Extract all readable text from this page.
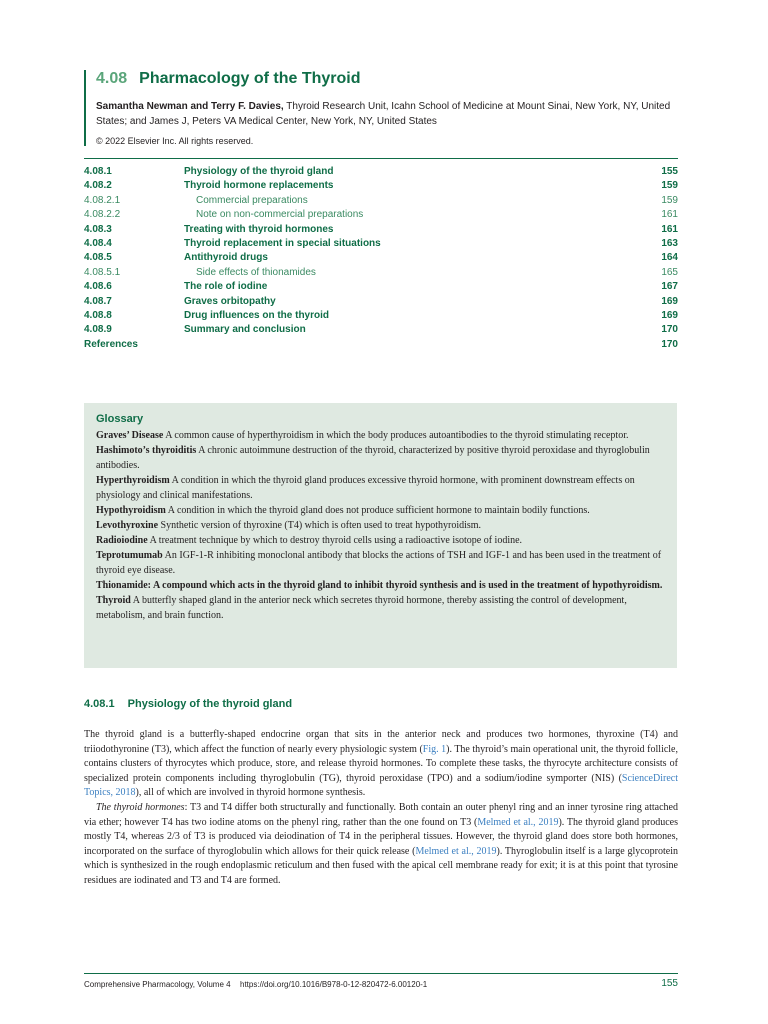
4.08 Pharmacology of the Thyroid
Samantha Newman and Terry F. Davies, Thyroid Research Unit, Icahn School of Medicine at Mount Sinai, New York, NY, United States; and James J, Peters VA Medical Center, New York, NY, United States
© 2022 Elsevier Inc. All rights reserved.
4.08.1	Physiology of the thyroid gland	155
4.08.2	Thyroid hormone replacements	159
4.08.2.1	Commercial preparations	159
4.08.2.2	Note on non-commercial preparations	161
4.08.3	Treating with thyroid hormones	161
4.08.4	Thyroid replacement in special situations	163
4.08.5	Antithyroid drugs	164
4.08.5.1	Side effects of thionamides	165
4.08.6	The role of iodine	167
4.08.7	Graves orbitopathy	169
4.08.8	Drug influences on the thyroid	169
4.08.9	Summary and conclusion	170
References	170
Glossary
Graves’ Disease A common cause of hyperthyroidism in which the body produces autoantibodies to the thyroid stimulating receptor.
Hashimoto’s thyroiditis A chronic autoimmune destruction of the thyroid, characterized by positive thyroid peroxidase and thyroglobulin antibodies.
Hyperthyroidism A condition in which the thyroid gland produces excessive thyroid hormone, with prominent downstream effects on physiology and clinical manifestations.
Hypothyroidism A condition in which the thyroid gland does not produce sufficient hormone to maintain bodily functions.
Levothyroxine Synthetic version of thyroxine (T4) which is often used to treat hypothyroidism.
Radioiodine A treatment technique by which to destroy thyroid cells using a radioactive isotope of iodine.
Teprotumumab An IGF-1-R inhibiting monoclonal antibody that blocks the actions of TSH and IGF-1 and has been used in the treatment of thyroid eye disease.
Thionamide: A compound which acts in the thyroid gland to inhibit thyroid synthesis and is used in the treatment of hypothyroidism.
Thyroid A butterfly shaped gland in the anterior neck which secretes thyroid hormone, thereby assisting the control of development, metabolism, and brain function.
4.08.1 Physiology of the thyroid gland

The thyroid gland is a butterfly-shaped endocrine organ that sits in the anterior neck and produces two hormones, thyroxine (T4) and triiodothyronine (T3), which affect the function of nearly every physiologic system (Fig. 1). The thyroid’s main operational unit, the thyroid follicle, contains clusters of thyrocytes which produce, store, and release thyroid hormones. To complete these tasks, the thyrocyte architecture consists of specialized protein components including thyroglobulin (TG), thyroid peroxidase (TPO) and a sodium/iodine symporter (NIS) (ScienceDirect Topics, 2018), all of which are involved in thyroid hormone synthesis.

The thyroid hormones: T3 and T4 differ both structurally and functionally. Both contain an outer phenyl ring and an inner tyrosine ring attached via ether; however T4 has two iodine atoms on the phenyl ring, rather than the one found on T3 (Melmed et al., 2019). The thyroid gland produces mostly T4, whereas 2/3 of T3 is produced via deiodination of T4 in the peripheral tissues. However, the thyroid gland does store both hormones, incorporated on the surface of thyroglobulin which allows for their quick release (Melmed et al., 2019). Thyroglobulin itself is a large glycoprotein which is synthesized in the rough endoplasmic reticulum and then fused with the apical cell membrane ready for exit; it is at this point that tyrosine residues are iodinated and T3 and T4 are formed.

Comprehensive Pharmacology, Volume 4 https://doi.org/10.1016/B978-0-12-820472-6.00120-1	155
